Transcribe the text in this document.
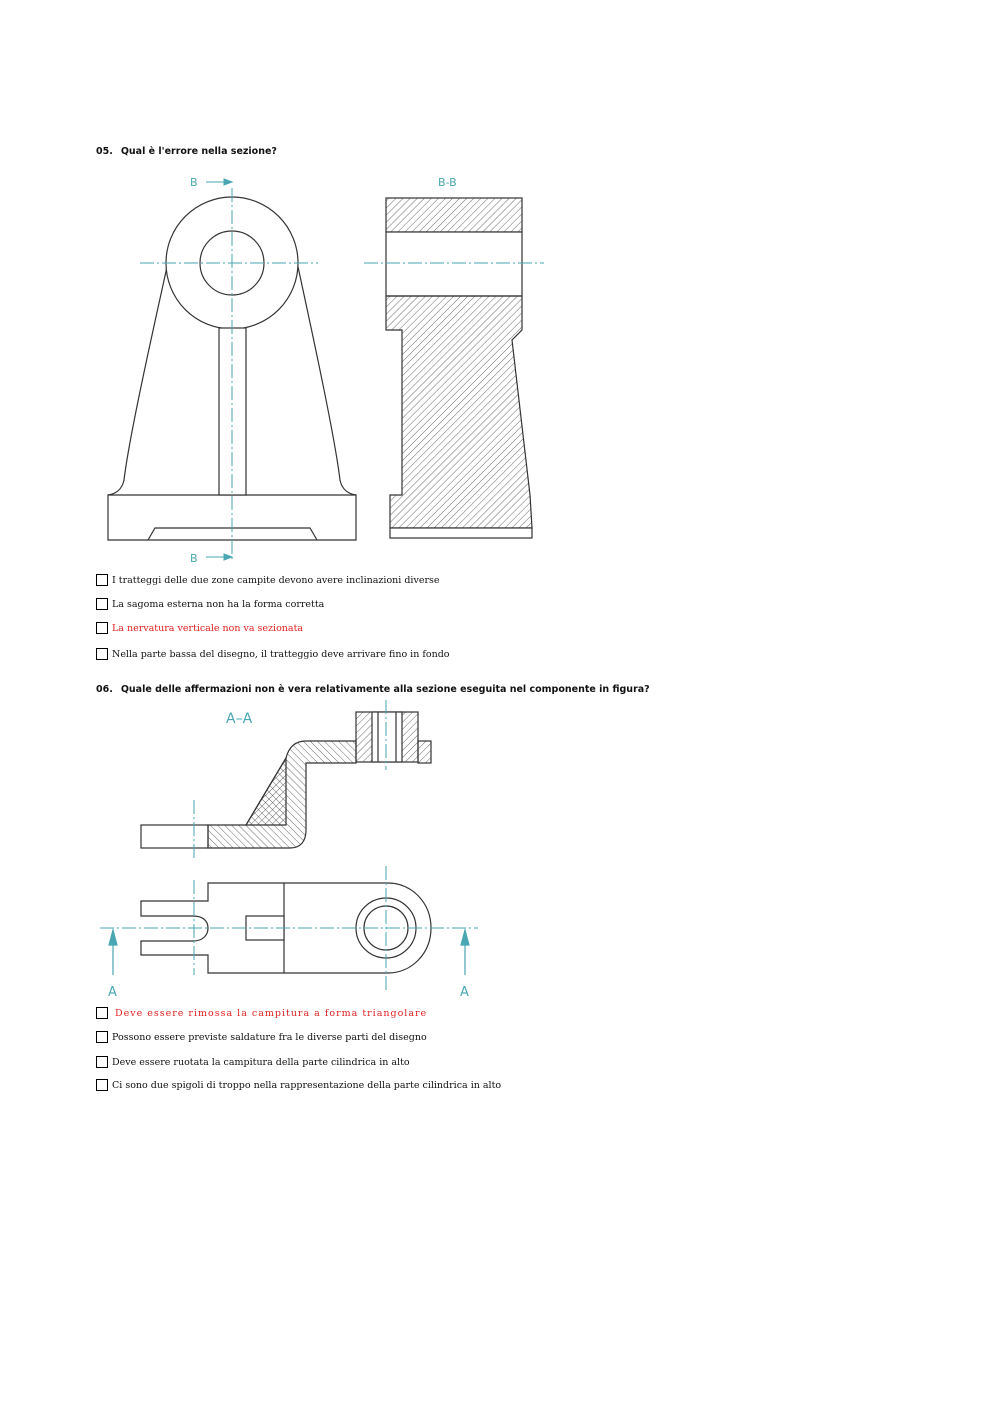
B
B
B-B
A–A
A	A
05. Qual è l'errore nella sezione?
I tratteggi delle due zone campite devono avere inclinazioni diverse
La sagoma esterna non ha la forma corretta
La nervatura verticale non va sezionata
Nella parte bassa del disegno, il tratteggio deve arrivare fino in fondo
06. Quale delle affermazioni non è vera relativamente alla sezione eseguita nel componente in figura?
Deve essere rimossa la campitura a forma triangolare
Possono essere previste saldature fra le diverse parti del disegno
Deve essere ruotata la campitura della parte cilindrica in alto
Ci sono due spigoli di troppo nella rappresentazione della parte cilindrica in alto
